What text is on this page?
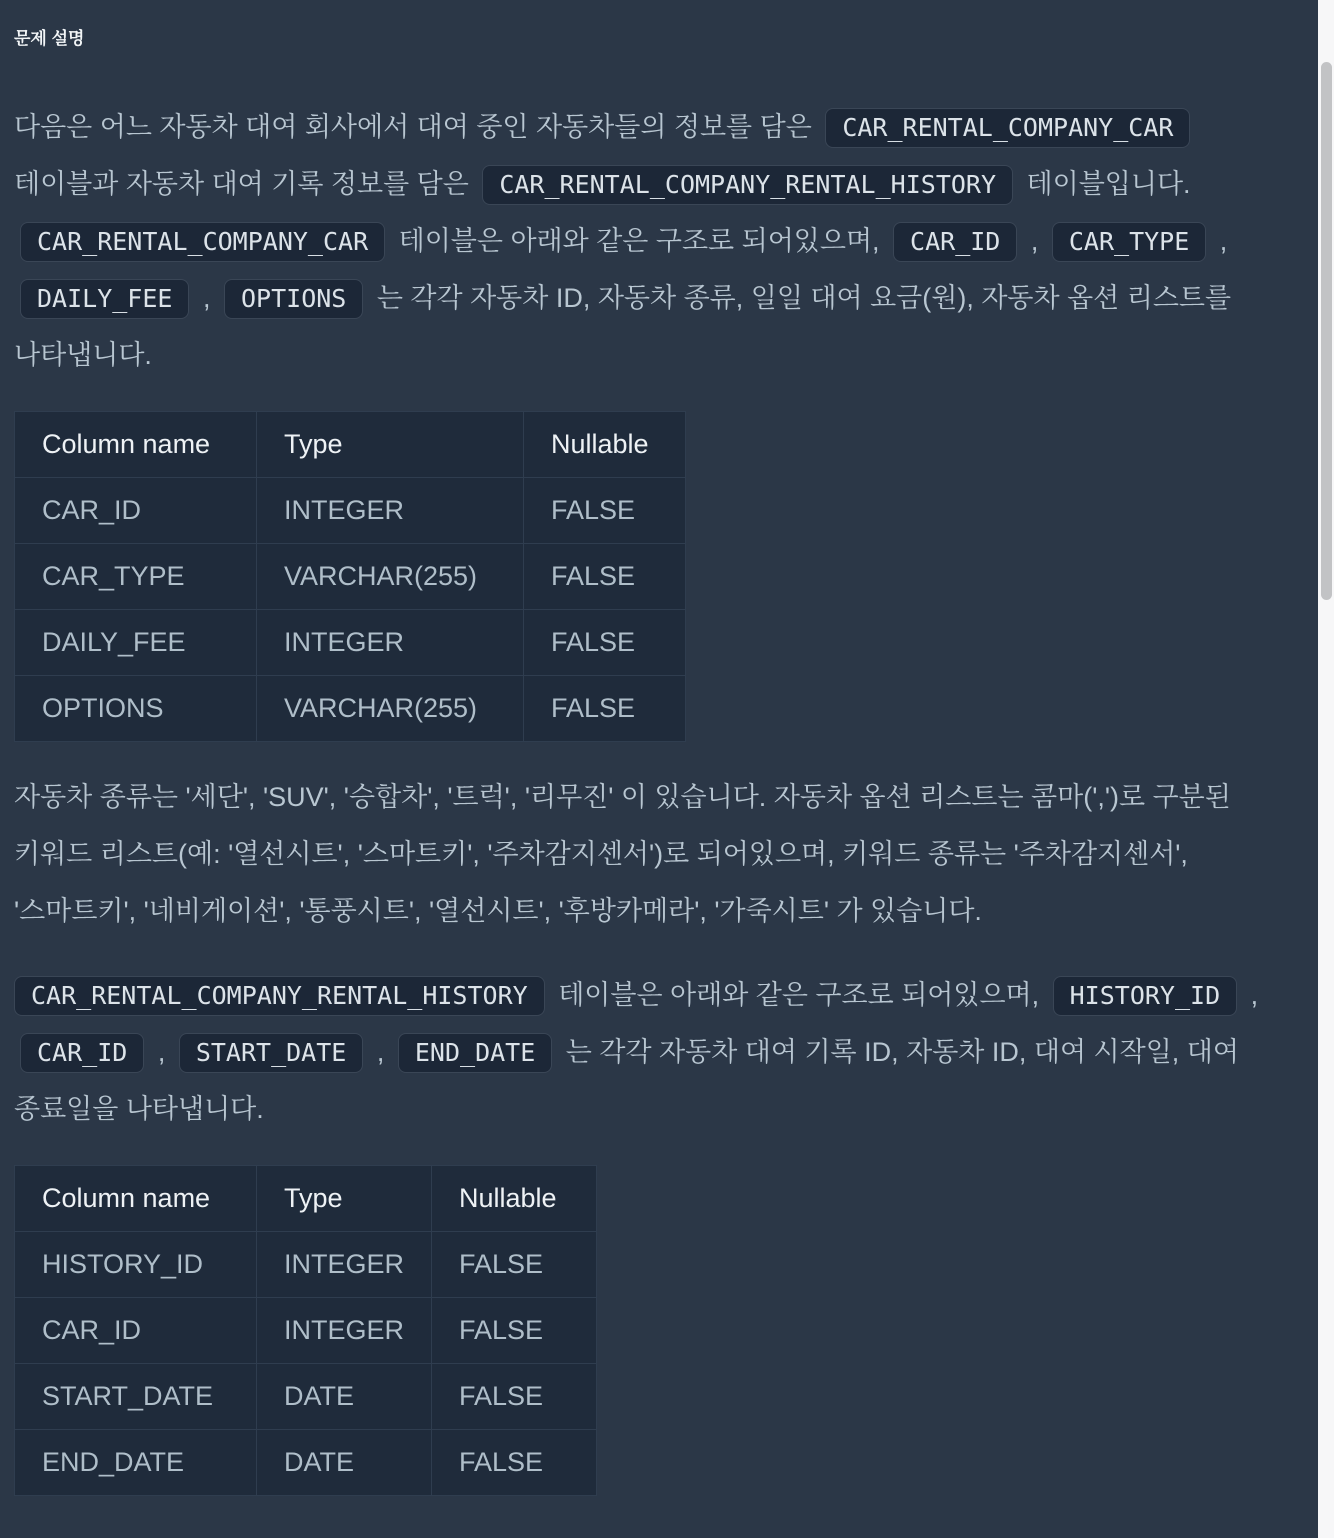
문제 설명

다음은 어느 자동차 대여 회사에서 대여 중인 자동차들의 정보를 담은 CAR_RENTAL_COMPANY_CAR 테이블과 자동차 대여 기록 정보를 담은 CAR_RENTAL_COMPANY_RENTAL_HISTORY 테이블입니다. CAR_RENTAL_COMPANY_CAR 테이블은 아래와 같은 구조로 되어있으며, CAR_ID , CAR_TYPE , DAILY_FEE , OPTIONS 는 각각 자동차 ID, 자동차 종류, 일일 대여 요금(원), 자동차 옵션 리스트를 나타냅니다.

Column name	Type	Nullable
CAR_ID	INTEGER	FALSE
CAR_TYPE	VARCHAR(255)	FALSE
DAILY_FEE	INTEGER	FALSE
OPTIONS	VARCHAR(255)	FALSE

자동차 종류는 '세단', 'SUV', '승합차', '트럭', '리무진' 이 있습니다. 자동차 옵션 리스트는 콤마(',')로 구분된 키워드 리스트(예: '열선시트', '스마트키', '주차감지센서')로 되어있으며, 키워드 종류는 '주차감지센서', '스마트키', '네비게이션', '통풍시트', '열선시트', '후방카메라', '가죽시트' 가 있습니다.

CAR_RENTAL_COMPANY_RENTAL_HISTORY 테이블은 아래와 같은 구조로 되어있으며, HISTORY_ID , CAR_ID , START_DATE , END_DATE 는 각각 자동차 대여 기록 ID, 자동차 ID, 대여 시작일, 대여 종료일을 나타냅니다.

Column name	Type	Nullable
HISTORY_ID	INTEGER	FALSE
CAR_ID	INTEGER	FALSE
START_DATE	DATE	FALSE
END_DATE	DATE	FALSE
